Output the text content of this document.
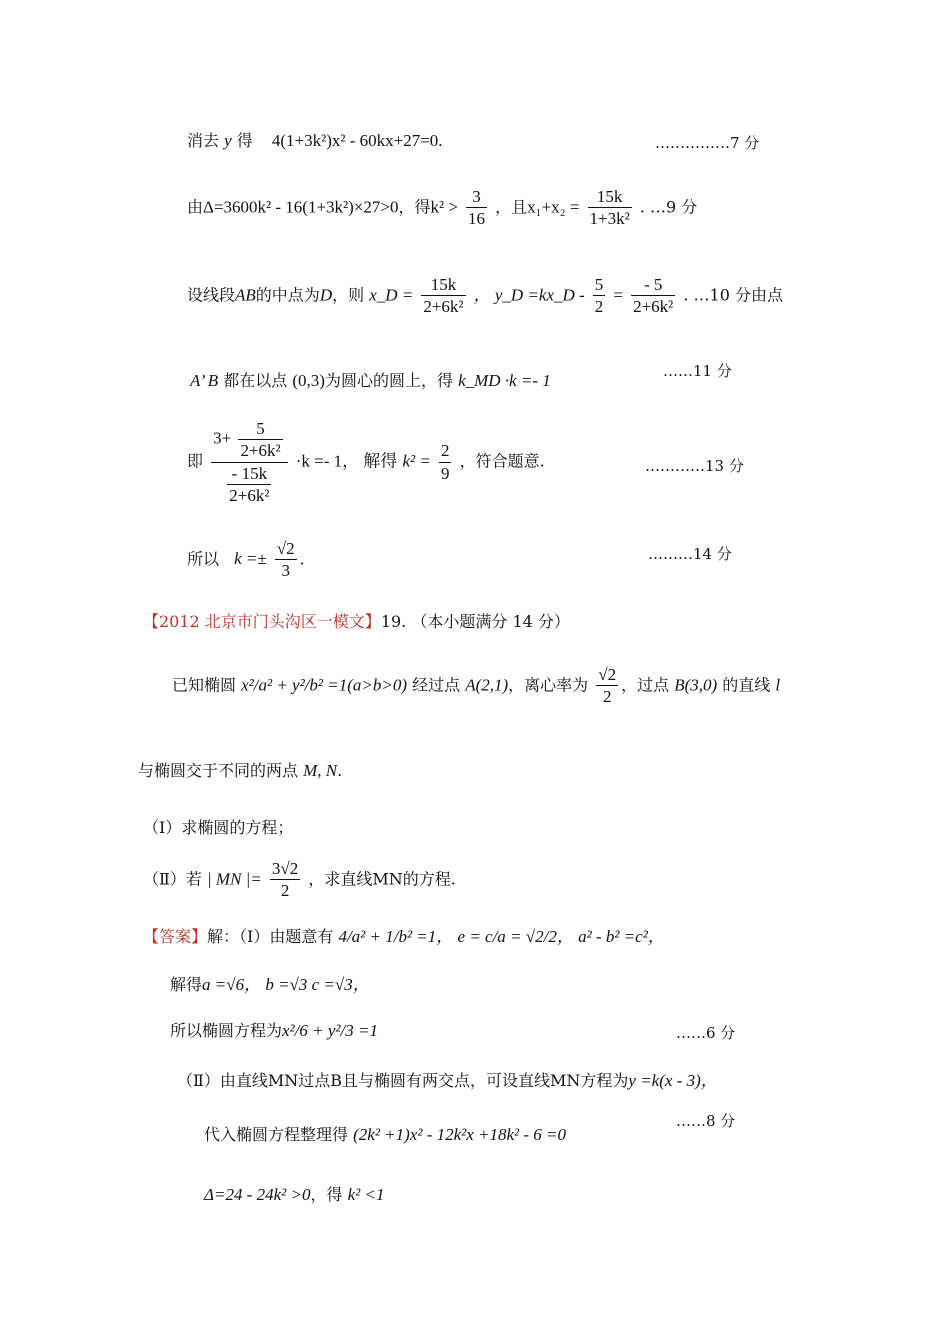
消去 y 得 4(1+3k²)x² - 60kx+27=0.	……………7 分
由Δ=3600k² - 16(1+3k²)×27>0，得$k^2 > \frac{3}{16}$ ，且$x_1+x_2 = \frac{15k}{\text{1+3k²}}$ . …9 分
设线段AB的中点为D，则 x_D = $\frac{15k}{\text{2+6k²}}$ ， y_D =kx_D - $\frac{5}{2} = \frac{- 5}{\text{2+6k²}}$ . …10 分由点
A’ B 都在以点 (0,3)为圆心的圆上，得 k_MD ·k =- 1	……11 分
即 $\frac{3+ \frac{5}{\text{2+6k²}}}{\frac{- 15k}{\text{2+6k²}}} \cdot k =- 1$， 解得 $k^2 = \frac{2}{9}$ ，符合题意.	…………13 分
所以 $k =\pm \frac{√2}{3}$ .	………14 分
【2012 北京市门头沟区一模文】19. （本小题满分 14 分）
已知椭圆 x²/a² + y²/b² =1(a>b>0) 经过点 A(2,1)，离心率为 $\frac{√2}{2}$ ，过点 B(3,0) 的直线 l
与椭圆交于不同的两点 M, N.
（Ⅰ）求椭圆的方程；
（Ⅱ）若 | MN |= $\frac{3√2}{2}$ ，求直线MN的方程.
【答案】解：（Ⅰ）由题意有 4/a² + 1/b² =1， e = c/a = √2/2， a² - b² =c²，
解得a =√6， b =√3 c =√3，
所以椭圆方程为x²/6 + y²/3 =1	……6 分
（Ⅱ）由直线MN过点B且与椭圆有两交点，可设直线MN方程为y =k(x - 3)，
代入椭圆方程整理得 (2k² +1)x² - 12k²x +18k² - 6 =0
……8 分
Δ=24 - 24k² >0，得 k² <1
